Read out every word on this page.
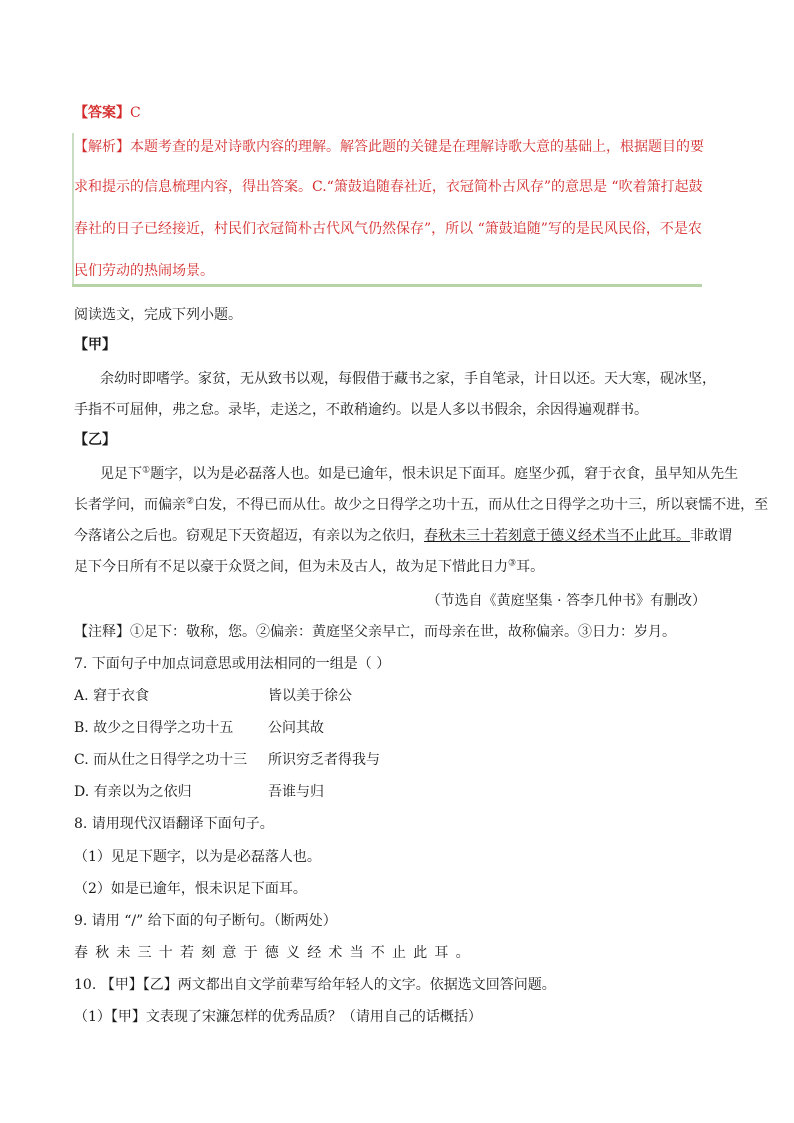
【答案】C
【解析】本题考查的是对诗歌内容的理解。解答此题的关键是在理解诗歌大意的基础上，根据题目的要
求和提示的信息梳理内容，得出答案。C.“箫鼓追随春社近，衣冠简朴古风存”的意思是 “吹着箫打起鼓
春社的日子已经接近，村民们衣冠简朴古代风气仍然保存”，所以 “箫鼓追随”写的是民风民俗，不是农
民们劳动的热闹场景。
阅读选文，完成下列小题。
【甲】
余幼时即嗜学。家贫，无从致书以观，每假借于藏书之家，手自笔录，计日以还。天大寒，砚冰坚，
手指不可屈伸，弗之怠。录毕，走送之，不敢稍逾约。以是人多以书假余，余因得遍观群书。
【乙】
见足下①题字，以为是必磊落人也。如是已逾年，恨未识足下面耳。庭坚少孤，窘于衣食，虽早知从先生
长者学问，而偏亲②白发，不得已而从仕。故少之日得学之功十五，而从仕之日得学之功十三，所以衰懦不进，至
今落诸公之后也。窃观足下天资超迈，有亲以为之依归，春秋未三十若刻意于德义经术当不止此耳。非敢谓
足下今日所有不足以豪于众贤之间，但为未及古人，故为足下惜此日力③耳。
（节选自《黄庭坚集 · 答李几仲书》有删改）
【注释】①足下：敬称，您。②偏亲：黄庭坚父亲早亡，而母亲在世，故称偏亲。③日力：岁月。
7. 下面句子中加点词意思或用法相同的一组是（ ）
A. 窘于衣食	皆以美于徐公
B. 故少之日得学之功十五 公问其故
C. 而从仕之日得学之功十三 所识穷乏者得我与
D. 有亲以为之依归	吾谁与归
8. 请用现代汉语翻译下面句子。
（1）见足下题字，以为是必磊落人也。
（2）如是已逾年，恨未识足下面耳。
9. 请用 “/” 给下面的句子断句。（断两处）
春秋未三十若刻意于德义经术当不止此耳。
10. 【甲】【乙】两文都出自文学前辈写给年轻人的文字。依据选文回答问题。
（1）【甲】文表现了宋濂怎样的优秀品质？（请用自己的话概括）
